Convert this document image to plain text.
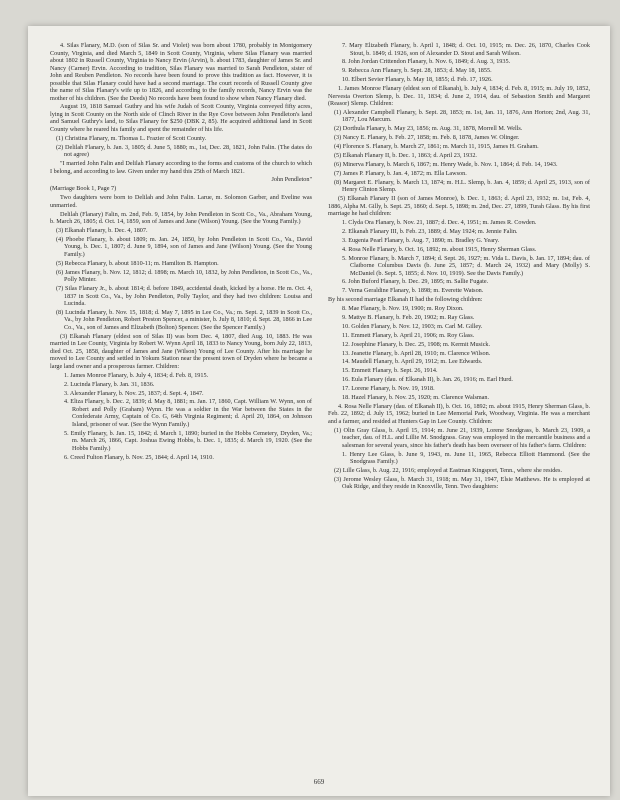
4. Silas Flanary, M.D. (son of Silas Sr. and Violet) was born about 1780, probably in Montgomery County, Virginia, and died March 5, 1849 in Scott County, Virginia, where Silas Flanary was married about 1802 in Russell County, Virginia to Nancy Ervin (Arvin), b. about 1783, daughter of James Sr. and Nancy (Carner) Ervin. According to tradition, Silas Flanary was married to Sarah Pendleton, sister of John and Reuben Pendleton. No records have been found to prove this tradition as fact. However, it is possible that Silas Flanary could have had a second marriage. The court records of Russell County give the name of Silas Flanary's wife up to 1826, and according to the family records, Nancy Ervin was the mother of his children. (See the Deeds) No records have been found to show when Nancy Flanary died.

August 19, 1818 Samuel Guthry and his wife Judah of Scott County, Virginia conveyed fifty acres, lying in Scott County on the North side of Clinch River in the Rye Cove between John Pendleton's land and Samuel Guthry's land, to Silas Flanary for $250 (DBK 2, 85). He acquired additional land in Scott County where he reared his family and spent the remainder of his life.

(1) Christina Flanary, m. Thomas L. Frazier of Scott County.

(2) Delilah Flanary, b. Jan. 3, 1805; d. June 5, 1880; m., 1st, Dec. 28, 1821, John Falin. (The dates do not agree)

"I married John Falin and Delilah Flanary according to the forms and customs of the church to which I belong, and according to law. Given under my hand this 25th of March 1821.

John Pendleton"

(Marriage Book 1, Page 7)

Two daughters were born to Delilah and John Falin. Larue, m. Solomon Garber, and Eveline was unmarried.

Delilah (Flanary) Falin, m. 2nd, Feb. 9, 1854, by John Pendleton in Scott Co., Va., Abraham Young, b. March 26, 1805; d. Oct. 14, 1859, son of James and Jane (Wilson) Young. (See the Young Family.)

(3) Elkanah Flanary, b. Dec. 4, 1807.

(4) Phoebe Flanary, b. about 1809; m. Jan. 24, 1850, by John Pendleton in Scott Co., Va., David Young, b. Dec. 1, 1807; d. June 9, 1894, son of James and Jane (Wilson) Young. (See the Young Family.)

(5) Rebecca Flanary, b. about 1810-11; m. Hamilton B. Hampton.

(6) James Flanary, b. Nov. 12, 1812; d. 1898; m. March 10, 1832, by John Pendleton, in Scott Co., Va., Polly Minter.

(7) Silas Flanary Jr., b. about 1814; d. before 1849, accidental death, kicked by a horse. He m. Oct. 4, 1837 in Scott Co., Va., by John Pendleton, Polly Taylor, and they had two children: Louisa and Lucinda.

(8) Lucinda Flanary, b. Nov. 15, 1818; d. May 7, 1895 in Lee Co., Va.; m. Sept. 2, 1839 in Scott Co., Va., by John Pendleton, Robert Preston Spencer, a minister, b. July 8, 1810; d. Sept. 28, 1866 in Lee Co., Va., son of James and Elizabeth (Bolton) Spencer. (See the Spencer Family.)

(3) Elkanah Flanary (eldest son of Silas II) was born Dec. 4, 1807, died Aug. 10, 1883. He was married in Lee County, Virginia by Robert W. Wynn April 18, 1833 to Nancy Young, born July 22, 1813, died Oct. 25, 1858, daughter of James and Jane (Wilson) Young of Lee County. After his marriage he moved to Lee County and settled in Yokum Station near the present town of Dryden where he became a large land owner and a prosperous farmer. Children:

1. James Monroe Flanary, b. July 4, 1834; d. Feb. 8, 1915.

2. Lucinda Flanary, b. Jan. 31, 1836.

3. Alexander Flanary, b. Nov. 25, 1837; d. Sept. 4, 1847.

4. Eliza Flanary, b. Dec. 2, 1839; d. May 8, 1881; m. Jan. 17, 1860, Capt. William W. Wynn, son of Robert and Polly (Graham) Wynn. He was a soldier in the War between the States in the Confederate Army, Captain of Co. G, 64th Virginia Regiment; d. April 20, 1864, on Johnson Island, prisoner of war. (See the Wynn Family.)

5. Emily Flanary, b. Jan. 15, 1842; d. March 1, 1890; buried in the Hobbs Cemetery, Dryden, Va.; m. March 26, 1866, Capt. Joshua Ewing Hobbs, b. Dec. 1, 1835; d. March 19, 1920. (See the Hobbs Family.)

6. Creed Fulton Flanary, b. Nov. 25, 1844; d. April 14, 1910.

7. Mary Elizabeth Flanary, b. April 1, 1848; d. Oct. 10, 1915; m. Dec. 26, 1870, Charles Cook Stout, b. 1849; d. 1926, son of Alexander D. Stout and Sarah Wilson.

8. John Jordan Crittendon Flanary, b. Nov. 6, 1849; d. Aug. 3, 1935.

9. Rebecca Ann Flanary, b. Sept. 28, 1853; d. May 18, 1855.

10. Elbert Sevier Flanary, b. May 18, 1855; d. Feb. 17, 1926.

1. James Monroe Flanary (eldest son of Elkanah), b. July 4, 1834; d. Feb. 8, 1915; m. July 19, 1852, Nervesta Overton Slemp, b. Dec. 11, 1834; d. June 2, 1914, dau. of Sebastion Smith and Margaret (Reasor) Slemp. Children:

(1) Alexander Campbell Flanary, b. Sept. 28, 1853; m. 1st, Jan. 11, 1876, Ann Horton; 2nd, Aug. 31, 1877, Lou Marcum.

(2) Dorthula Flanary, b. May 23, 1856; m. Aug. 31, 1878, Morrell M. Wells.

(3) Nancy E. Flanary, b. Feb. 27, 1858; m. Feb. 8, 1878, James W. Olinger.

(4) Florence S. Flanary, b. March 27, 1861; m. March 11, 1915, James H. Graham.

(5) Elkanah Flanary II, b. Dec. 1, 1863; d. April 23, 1932.

(6) Minerva Flanary, b. March 6, 1867; m. Henry Wade, b. Nov. 1, 1864; d. Feb. 14, 1943.

(7) James P. Flanary, b. Jan. 4, 1872; m. Ella Lawson.

(8) Margaret E. Flanary, b. March 13, 1874; m. H.L. Slemp, b. Jan. 4, 1859; d. April 25, 1913, son of Henry Clinton Slemp.

(5) Elkanah Flanary II (son of James Monroe), b. Dec. 1, 1863; d. April 23, 1932; m. 1st, Feb. 4, 1886, Alpha M. Gilly, b. Sept. 25, 1860; d. Sept. 5, 1898; m. 2nd, Dec. 27, 1899, Turah Glass. By his first marriage he had children:

1. Clyda Ora Flanary, b. Nov. 21, 1887; d. Dec. 4, 1951; m. James R. Cowden.

2. Elkanah Flanary III, b. Feb. 23, 1889; d. May 1924; m. Jennie Falin.

3. Eugenia Pearl Flanary, b. Aug. 7, 1890; m. Bradley G. Yeary.

4. Rosa Nelle Flanary, b. Oct. 16, 1892; m. about 1915, Henry Sherman Glass.

5. Monroe Flanary, b. March 7, 1894; d. Sept. 26, 1927; m. Vida L. Davis, b. Jan. 17, 1894; dau. of Claiborne Columbus Davis (b. June 25, 1857; d. March 24, 1932) and Mary (Molly) S. McDaniel (b. Sept. 5, 1855; d. Nov. 10, 1919). See the Davis Family.)

6. John Buford Flanary, b. Dec. 29, 1895; m. Sallie Fugate.

7. Verna Geraldine Flanary, b. 1898; m. Everette Watson.

By his second marriage Elkanah II had the following children:

8. Mae Flanary, b. Nov. 19, 1900; m. Roy Dixon.

9. Mattye B. Flanary, b. Feb. 20, 1902; m. Ray Glass.

10. Golden Flanary, b. Nov. 12, 1903; m. Carl M. Gilley.

11. Emmett Flanary, b. April 21, 1906; m. Roy Glass.

12. Josephine Flanary, b. Dec. 25, 1908; m. Kermit Musick.

13. Jeanette Flanary, b. April 28, 1910; m. Clarence Wilson.

14. Maudell Flanary, b. April 29, 1912; m. Lee Edwards.

15. Emmett Flanary, b. Sept. 26, 1914.

16. Eula Flanary (dau. of Elkanah II), b. Jan. 26, 1916; m. Earl Hurd.

17. Lorene Flanary, b. Nov. 19, 1918.

18. Hazel Flanary, b. Nov. 25, 1920; m. Clarence Walsman.

4. Rosa Nelle Flanary (dau. of Elkanah II), b. Oct. 16, 1892; m. about 1915, Henry Sherman Glass, b. Feb. 22, 1892; d. July 15, 1962; buried in Lee Memorial Park, Woodway, Virginia. He was a merchant and a farmer, and resided at Hunters Gap in Lee County. Children:

(1) Olin Gray Glass, b. April 15, 1914; m. June 21, 1939, Lorene Snodgrass, b. March 23, 1909, a teacher, dau. of H.L. and Lillie M. Snodgrass. Gray was employed in the mercantile business and a salesman for several years, since his father's death has been overseer of his father's farm. Children:

1. Henry Lee Glass, b. June 9, 1943, m. June 11, 1965, Rebecca Elliott Hammond. (See the Snodgrass Family.)

(2) Lille Glass, b. Aug. 22, 1916; employed at Eastman Kingsport, Tenn., where she resides.

(3) Jerome Wesley Glass, b. March 31, 1918; m. May 31, 1947, Elsie Matthews. He is employed at Oak Ridge, and they reside in Knoxville, Tenn. Two daughters:

669
